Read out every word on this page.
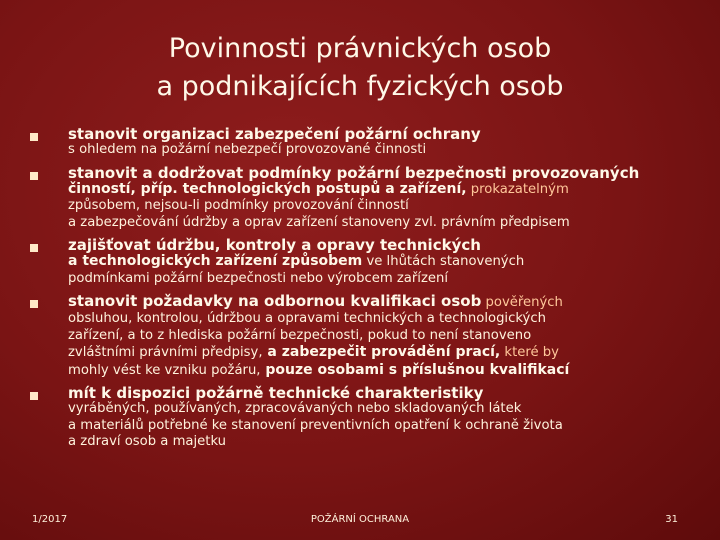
Povinnosti právnických osob
a podnikajících fyzických osob
stanovit organizaci zabezpečení požární ochrany
s ohledem na požární nebezpečí provozované činnosti
stanovit a dodržovat podmínky požární bezpečnosti provozovaných
činností, příp. technologických postupů a zařízení, prokazatelným
způsobem, nejsou-li podmínky provozování činností
a zabezpečování údržby a oprav zařízení stanoveny zvl. právním předpisem
zajišťovat údržbu, kontroly a opravy technických
a technologických zařízení způsobem ve lhůtách stanovených
podmínkami požární bezpečnosti nebo výrobcem zařízení
stanovit požadavky na odbornou kvalifikaci osob pověřených
obsluhou, kontrolou, údržbou a opravami technických a technologických
zařízení, a to z hlediska požární bezpečnosti, pokud to není stanoveno
zvláštními právními předpisy, a zabezpečit provádění prací, které by
mohly vést ke vzniku požáru, pouze osobami s příslušnou kvalifikací
mít k dispozici požárně technické charakteristiky
vyráběných, používaných, zpracovávaných nebo skladovaných látek
a materiálů potřebné ke stanovení preventivních opatření k ochraně života
a zdraví osob a majetku
1/2017	POŽÁRNÍ OCHRANA	31
